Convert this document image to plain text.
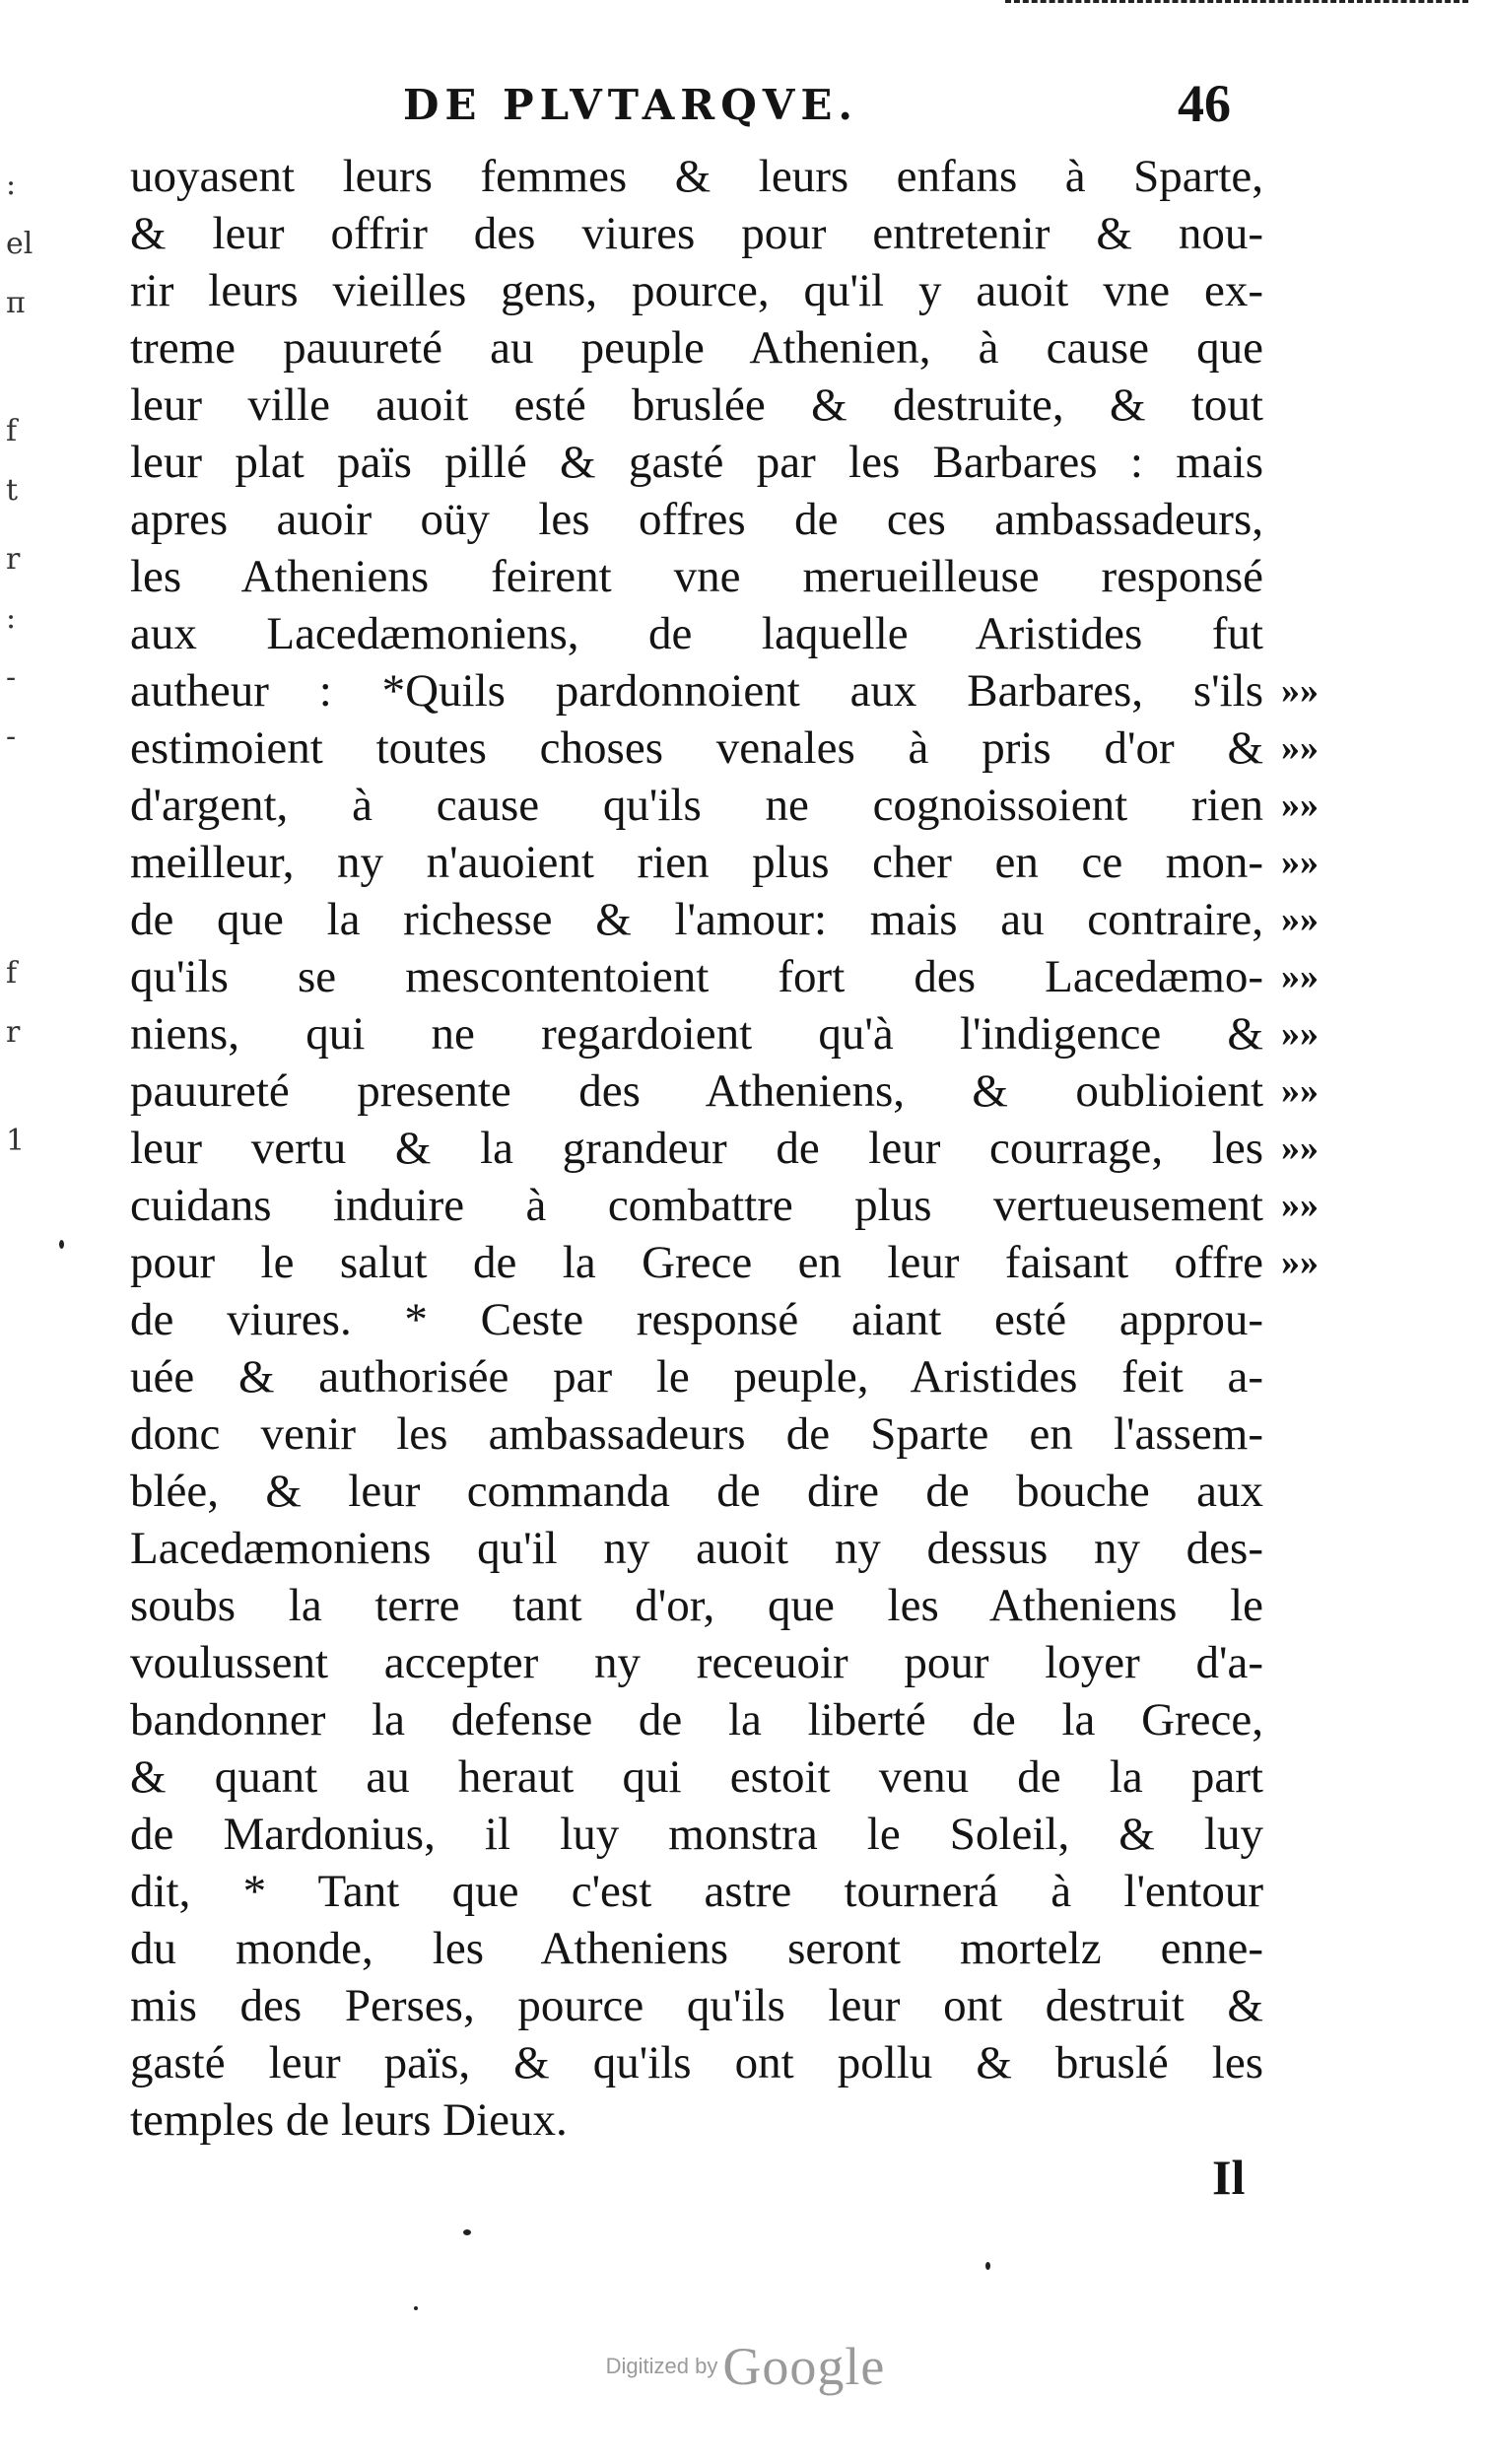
:
el
π
f
t
r
:
-
-
f
r
1
DE PLVTARQVE.	46
uoyasent leurs femmes & leurs enfans à Sparte,
& leur offrir des viures pour entretenir & nou-
rir leurs vieilles gens, pource, qu'il y auoit vne ex-
treme pauureté au peuple Athenien, à cause que
leur ville auoit esté bruslée & destruite, & tout
leur plat païs pillé & gasté par les Barbares : mais
apres auoir oüy les offres de ces ambassadeurs,
les Atheniens feirent vne merueilleuse responsé
aux Lacedæmoniens, de laquelle Aristides fut
autheur : *Quils pardonnoient aux Barbares, s'ils
estimoient toutes choses venales à pris d'or &
d'argent, à cause qu'ils ne cognoissoient rien
meilleur, ny n'auoient rien plus cher en ce mon-
de que la richesse & l'amour: mais au contraire,
qu'ils se mescontentoient fort des Lacedæmo-
niens, qui ne regardoient qu'à l'indigence &
pauureté presente des Atheniens, & oublioient
leur vertu & la grandeur de leur courrage, les
cuidans induire à combattre plus vertueusement
pour le salut de la Grece en leur faisant offre
de viures. * Ceste responsé aiant esté approu-
uée & authorisée par le peuple, Aristides feit a-
donc venir les ambassadeurs de Sparte en l'assem-
blée, & leur commanda de dire de bouche aux
Lacedæmoniens qu'il ny auoit ny dessus ny des-
soubs la terre tant d'or, que les Atheniens le
voulussent accepter ny receuoir pour loyer d'a-
bandonner la defense de la liberté de la Grece,
& quant au heraut qui estoit venu de la part
de Mardonius, il luy monstra le Soleil, & luy
dit, * Tant que c'est astre tournerá à l'entour
du monde, les Atheniens seront mortelz enne-
mis des Perses, pource qu'ils leur ont destruit &
gasté leur païs, & qu'ils ont pollu & bruslé les
temples de leurs Dieux.
»»
»»
»»
»»
»»
»»
»»
»»
»»
»»
»»
Il
Digitized by Google
